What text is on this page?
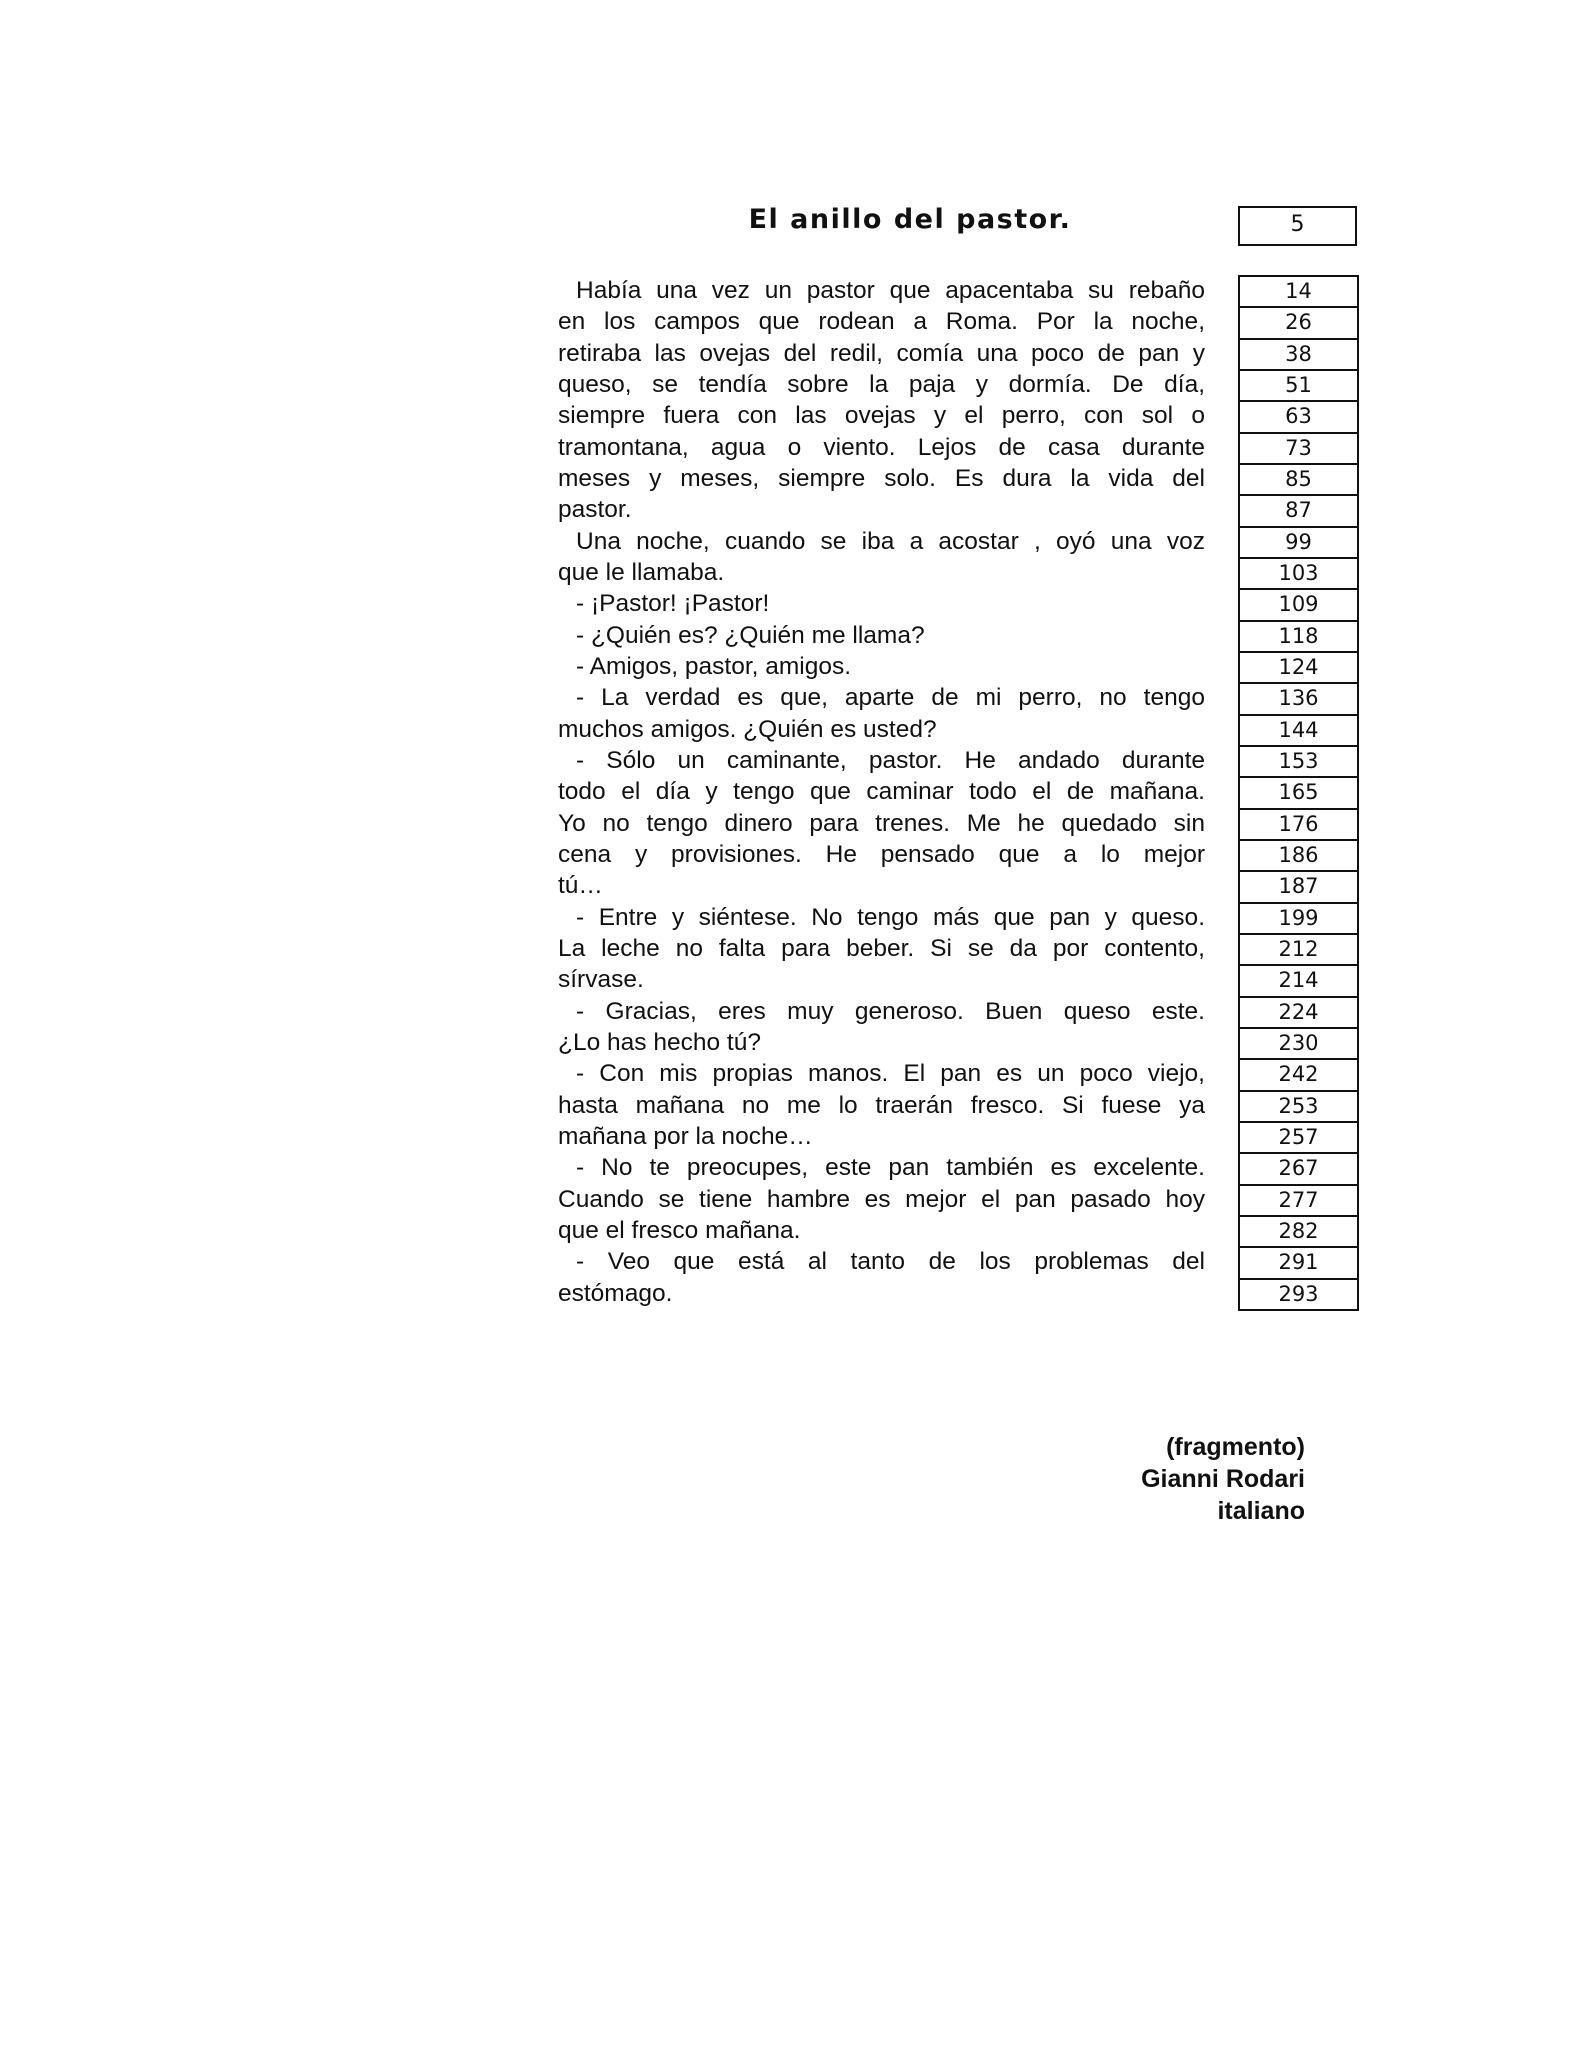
El anillo del pastor.	5
Había una vez un pastor que apacentaba su rebaño
en los campos que rodean a Roma. Por la noche,
retiraba las ovejas del redil, comía una poco de pan y
queso, se tendía sobre la paja y dormía. De día,
siempre fuera con las ovejas y el perro, con sol o
tramontana, agua o viento. Lejos de casa durante
meses y meses, siempre solo. Es dura la vida del
pastor.
Una noche, cuando se iba a acostar , oyó una voz
que le llamaba.
- ¡Pastor! ¡Pastor!
- ¿Quién es? ¿Quién me llama?
- Amigos, pastor, amigos.
- La verdad es que, aparte de mi perro, no tengo
muchos amigos. ¿Quién es usted?
- Sólo un caminante, pastor. He andado durante
todo el día y tengo que caminar todo el de mañana.
Yo no tengo dinero para trenes. Me he quedado sin
cena y provisiones. He pensado que a lo mejor
tú…
- Entre y siéntese. No tengo más que pan y queso.
La leche no falta para beber. Si se da por contento,
sírvase.
- Gracias, eres muy generoso. Buen queso este.
¿Lo has hecho tú?
- Con mis propias manos. El pan es un poco viejo,
hasta mañana no me lo traerán fresco. Si fuese ya
mañana por la noche…
- No te preocupes, este pan también es excelente.
Cuando se tiene hambre es mejor el pan pasado hoy
que el fresco mañana.
- Veo que está al tanto de los problemas del
estómago.
14
26
38
51
63
73
85
87
99
103
109
118
124
136
144
153
165
176
186
187
199
212
214
224
230
242
253
257
267
277
282
291
293
(fragmento)
Gianni Rodari
italiano
